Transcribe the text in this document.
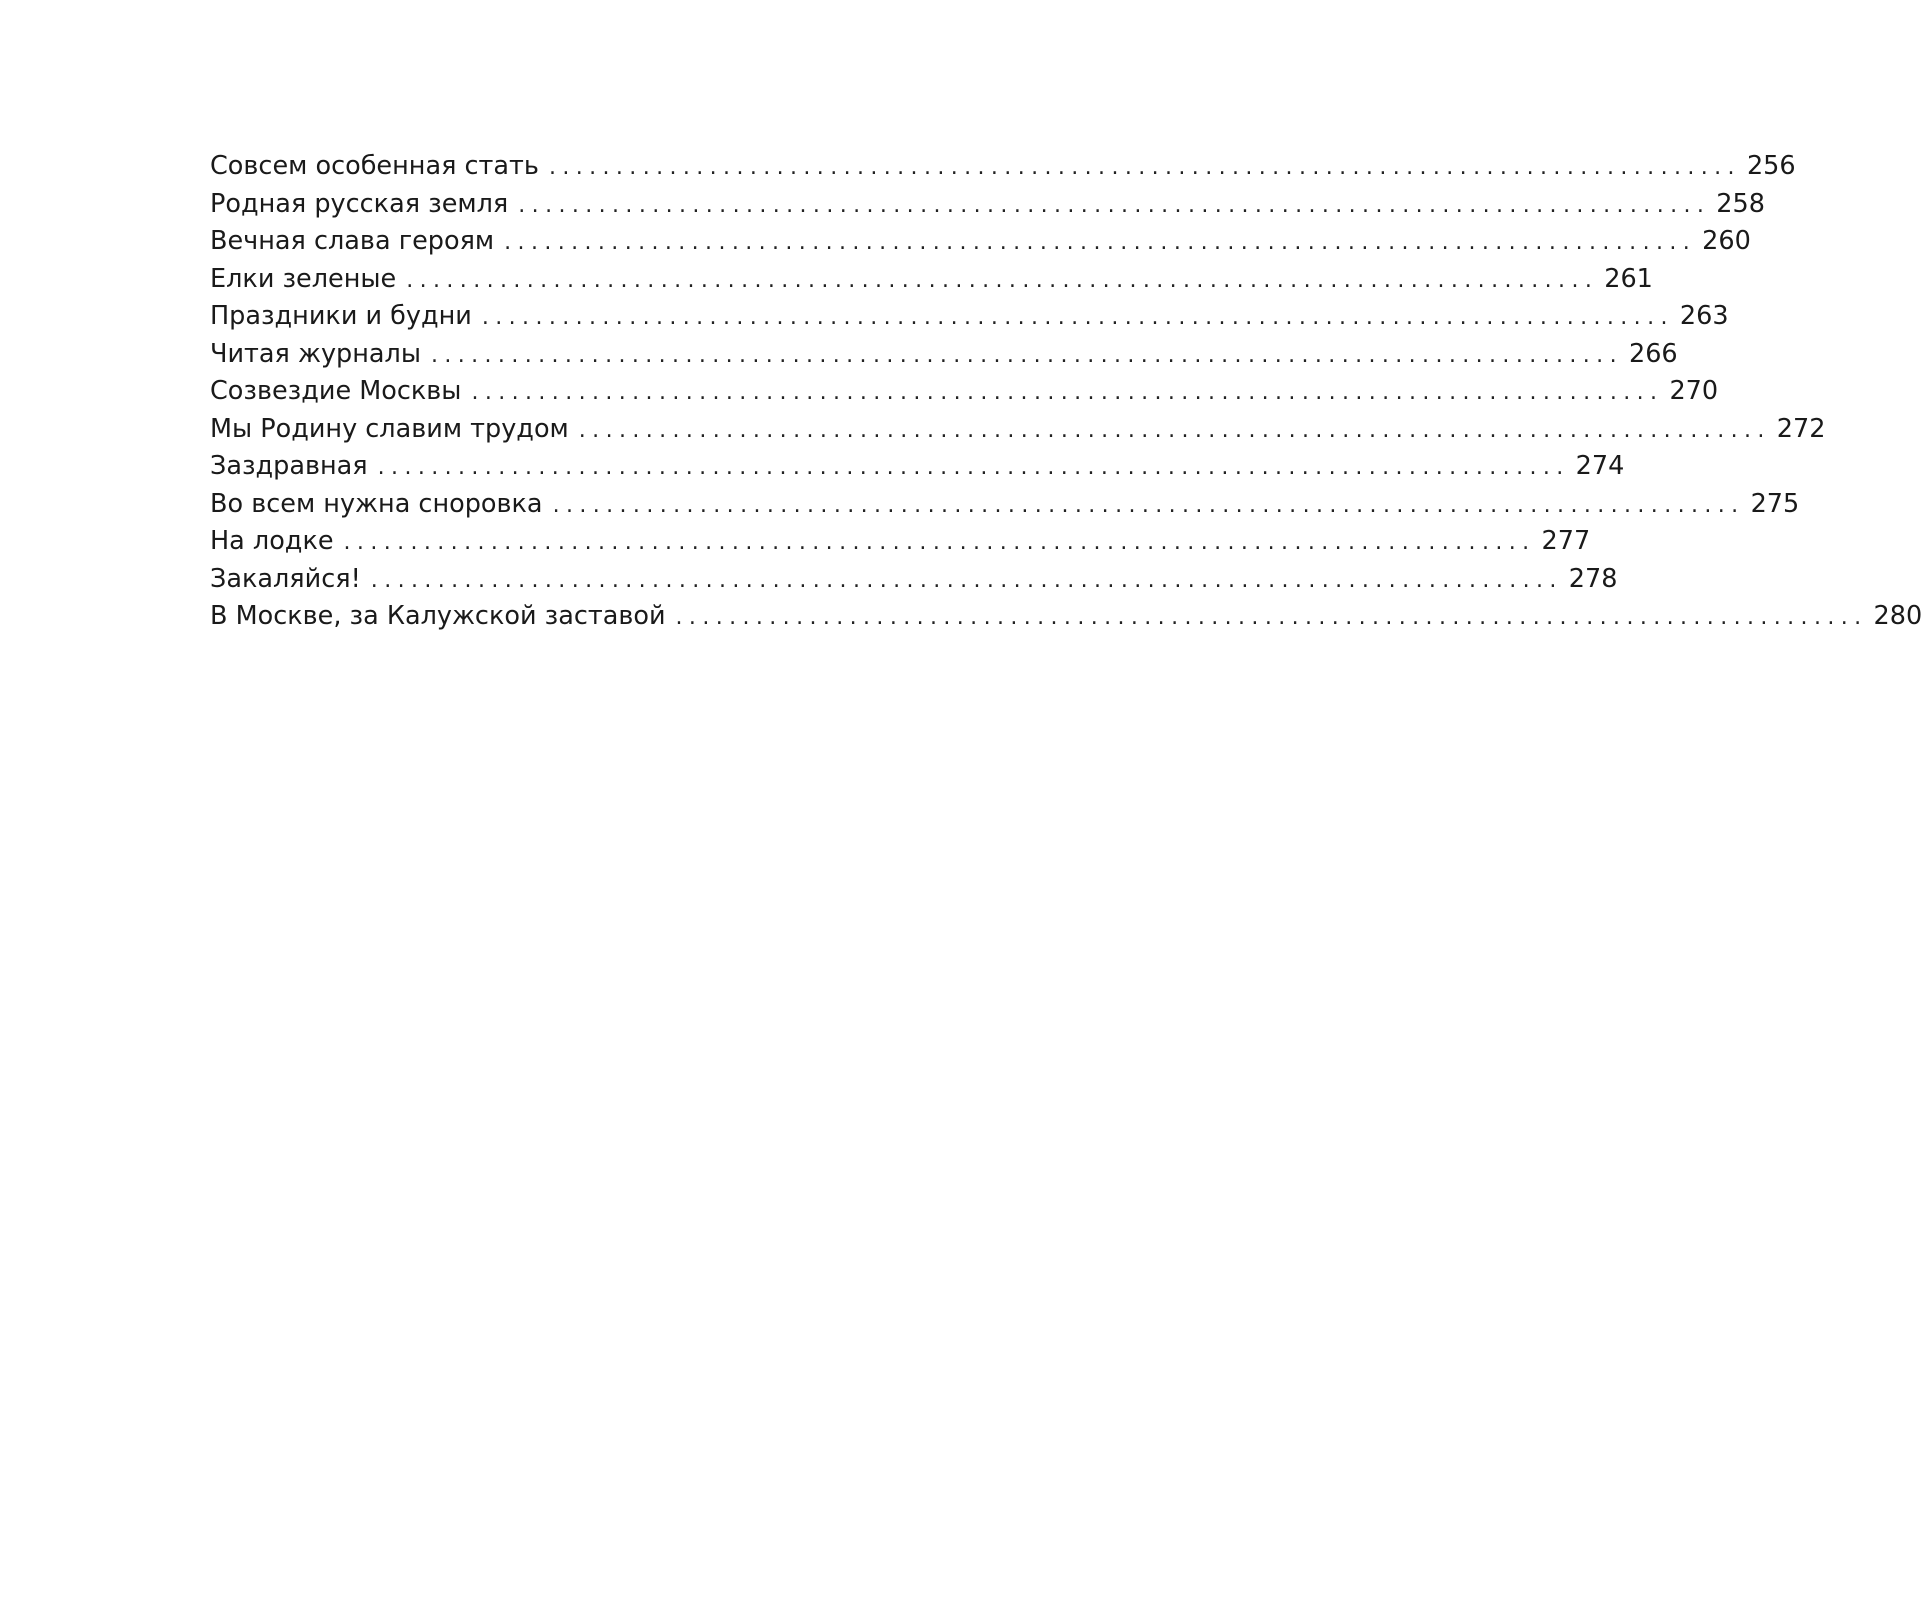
Совсем особенная стать ......................................................................................... 256
Родная русская земля ......................................................................................... 258
Вечная слава героям ......................................................................................... 260
Елки зеленые ......................................................................................... 261
Праздники и будни ......................................................................................... 263
Читая журналы ......................................................................................... 266
Созвездие Москвы ......................................................................................... 270
Мы Родину славим трудом ......................................................................................... 272
Заздравная ......................................................................................... 274
Во всем нужна сноровка ......................................................................................... 275
На лодке ......................................................................................... 277
Закаляйся! ......................................................................................... 278
В Москве, за Калужской заставой ......................................................................................... 280
